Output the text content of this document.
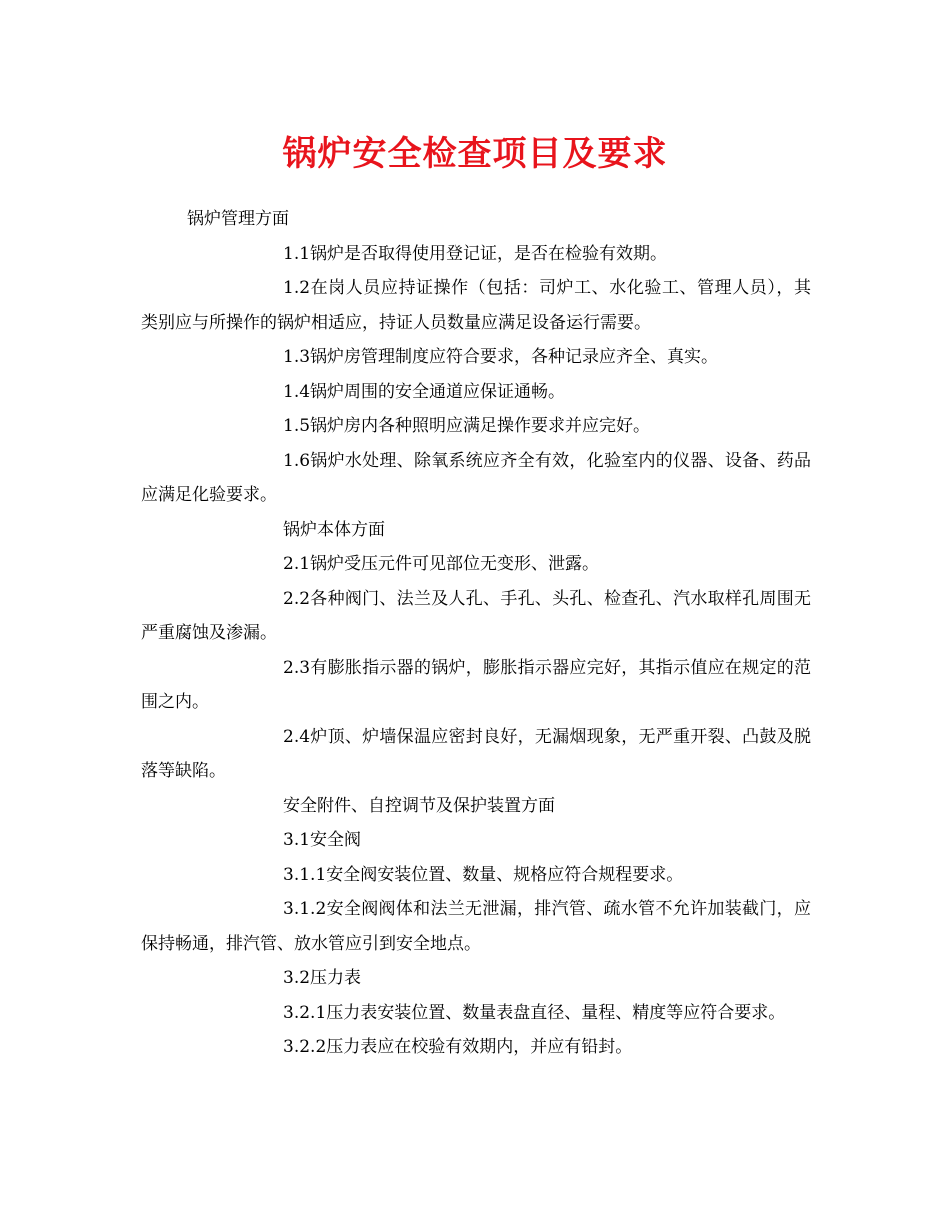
锅炉安全检查项目及要求

锅炉管理方面

1.1锅炉是否取得使用登记证，是否在检验有效期。

1.2在岗人员应持证操作（包括：司炉工、水化验工、管理人员），其类别应与所操作的锅炉相适应，持证人员数量应满足设备运行需要。

1.3锅炉房管理制度应符合要求，各种记录应齐全、真实。

1.4锅炉周围的安全通道应保证通畅。

1.5锅炉房内各种照明应满足操作要求并应完好。

1.6锅炉水处理、除氧系统应齐全有效，化验室内的仪器、设备、药品应满足化验要求。

锅炉本体方面

2.1锅炉受压元件可见部位无变形、泄露。

2.2各种阀门、法兰及人孔、手孔、头孔、检查孔、汽水取样孔周围无严重腐蚀及渗漏。

2.3有膨胀指示器的锅炉，膨胀指示器应完好，其指示值应在规定的范围之内。

2.4炉顶、炉墙保温应密封良好，无漏烟现象，无严重开裂、凸鼓及脱落等缺陷。

安全附件、自控调节及保护装置方面

3.1安全阀

3.1.1安全阀安装位置、数量、规格应符合规程要求。

3.1.2安全阀阀体和法兰无泄漏，排汽管、疏水管不允许加装截门，应保持畅通，排汽管、放水管应引到安全地点。

3.2压力表

3.2.1压力表安装位置、数量表盘直径、量程、精度等应符合要求。

3.2.2压力表应在校验有效期内，并应有铅封。
